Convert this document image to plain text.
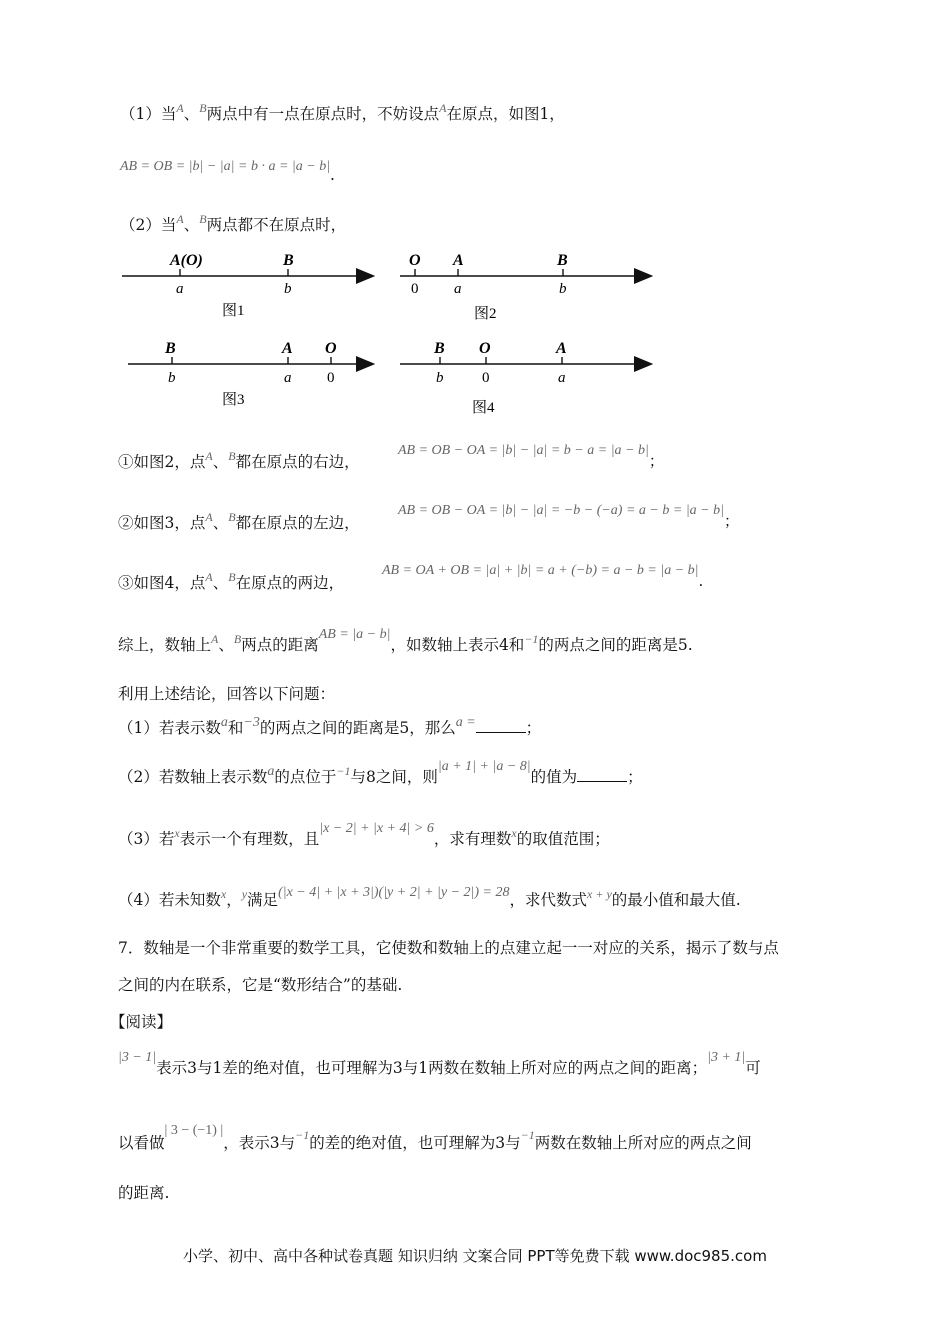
（1）当$^A$、$^B$两点中有一点在原点时，不妨设点$^A$在原点，如图1，
AB = OB = |b| − |a| = b · a = |a − b|.
（2）当$^A$、$^B$两点都不在原点时，
A(O)	B
a	b
图1
O A	B
0 a	b
图2
B	A O
b	a 0
图3
B O	A
b	0	a
图4
①如图2，点$^A$、$^B$都在原点的右边，
AB = OB − OA = |b| − |a| = b − a = |a − b|；
②如图3，点$^A$、$^B$都在原点的左边，
AB = OB − OA = |b| − |a| = −b − (−a) = a − b = |a − b|；
③如图4，点$^A$、$^B$在原点的两边，
AB = OA + OB = |a| + |b| = a + (−b) = a − b = |a − b|.
综上，数轴上$^A$、$^B$两点的距离AB = |a − b|，如数轴上表示4和$^{-1}$的两点之间的距离是5.
利用上述结论，回答以下问题：
（1）若表示数a和−3的两点之间的距离是5，那么a =	；
（2）若数轴上表示数a的点位于$^{-1}$与8之间，则|a + 1| + |a − 8|的值为	；
（3）若$^x$表示一个有理数，且|x − 2| + |x + 4| > 6，求有理数$^x$的取值范围；
（4）若未知数$^x$，$^y$满足(|x − 4| + |x + 3|)(|y + 2| + |y − 2|) = 28，求代数式$^{x + y}$的最小值和最大值.
7．数轴是一个非常重要的数学工具，它使数和数轴上的点建立起一一对应的关系，揭示了数与点
之间的内在联系，它是“数形结合”的基础.
【阅读】
|3 − 1|表示3与1差的绝对值，也可理解为3与1两数在数轴上所对应的两点之间的距离；|3 + 1|可
以看做| 3 − (−1) |，表示3与$^{-1}$的差的绝对值，也可理解为3与$^{-1}$两数在数轴上所对应的两点之间
的距离.
小学、初中、高中各种试卷真题 知识归纳 文案合同 PPT等免费下载 www.doc985.com
